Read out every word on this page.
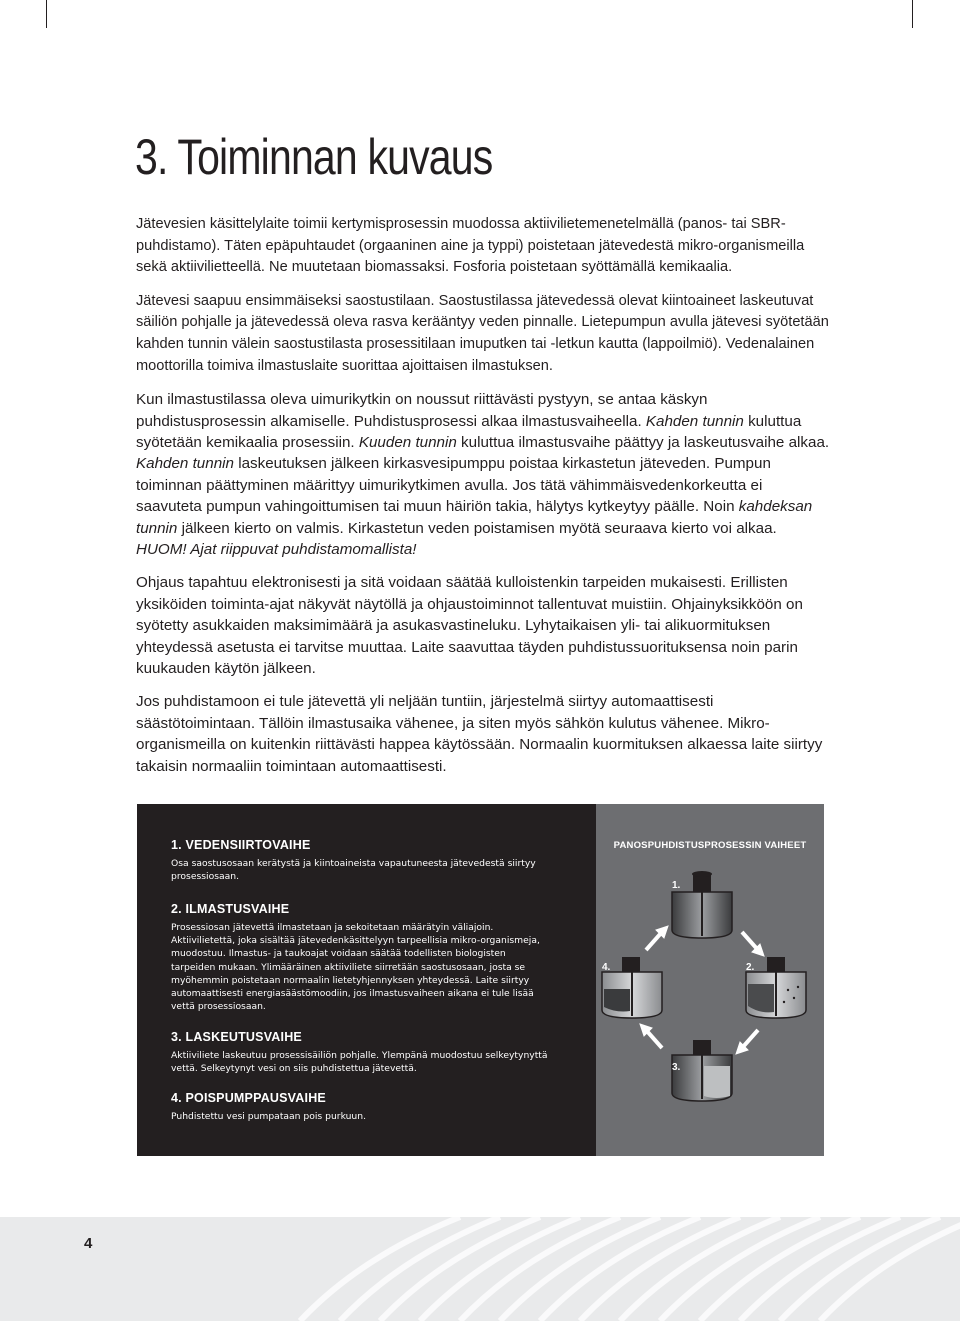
3. Toiminnan kuvaus

Jätevesien käsittelylaite toimii kertymisprosessin muodossa aktiivilietemenetelmällä (panos- tai SBR-puhdistamo). Täten epäpuhtaudet (orgaaninen aine ja typpi) poistetaan jätevedestä mikro-organismeilla sekä aktiivilietteellä. Ne muutetaan biomassaksi. Fosforia poistetaan syöttämällä kemikaalia.

Jätevesi saapuu ensimmäiseksi saostustilaan. Saostustilassa jätevedessä olevat kiintoaineet laskeutuvat säiliön pohjalle ja jätevedessä oleva rasva kerääntyy veden pinnalle. Lietepumpun avulla jätevesi syötetään kahden tunnin välein saostustilasta prosessitilaan imuputken tai -letkun kautta (lappoilmiö). Vedenalainen moottorilla toimiva ilmastuslaite suorittaa ajoittaisen ilmastuksen.

Kun ilmastustilassa oleva uimurikytkin on noussut riittävästi pystyyn, se antaa käskyn puhdistusprosessin alkamiselle. Puhdistusprosessi alkaa ilmastusvaiheella. Kahden tunnin kuluttua syötetään kemikaalia prosessiin. Kuuden tunnin kuluttua ilmastusvaihe päättyy ja laskeutusvaihe alkaa. Kahden tunnin laskeutuksen jälkeen kirkasvesipumppu poistaa kirkastetun jäteveden. Pumpun toiminnan päättyminen määrittyy uimurikytkimen avulla. Jos tätä vähimmäisvedenkorkeutta ei saavuteta pumpun vahingoittumisen tai muun häiriön takia, hälytys kytkeytyy päälle. Noin kahdeksan tunnin jälkeen kierto on valmis. Kirkastetun veden poistamisen myötä seuraava kierto voi alkaa. HUOM! Ajat riippuvat puhdistamomallista!

Ohjaus tapahtuu elektronisesti ja sitä voidaan säätää kulloistenkin tarpeiden mukaisesti. Erillisten yksiköiden toiminta-ajat näkyvät näytöllä ja ohjaustoiminnot tallentuvat muistiin. Ohjainyksikköön on syötetty asukkaiden maksimimäärä ja asukasvastineluku. Lyhytaikaisen yli- tai alikuormituksen yhteydessä asetusta ei tarvitse muuttaa. Laite saavuttaa täyden puhdistussuorituksensa noin parin kuukauden käytön jälkeen.

Jos puhdistamoon ei tule jätevettä yli neljään tuntiin, järjestelmä siirtyy automaattisesti säästötoimintaan. Tällöin ilmastusaika vähenee, ja siten myös sähkön kulutus vähenee. Mikro-organismeilla on kuitenkin riittävästi happea käytössään. Normaalin kuormituksen alkaessa laite siirtyy takaisin normaaliin toimintaan automaattisesti.

1. VEDENSIIRTOVAIHE

Osa saostusosaan kerätystä ja kiintoaineista vapautuneesta jätevedestä siirtyy prosessiosaan.

2. ILMASTUSVAIHE

Prosessiosan jätevettä ilmastetaan ja sekoitetaan määrätyin väliajoin. Aktiivilietettä, joka sisältää jätevedenkäsittelyyn tarpeellisia mikro-organismeja, muodostuu. Ilmastus- ja taukoajat voidaan säätää todellisten biologisten tarpeiden mukaan. Ylimääräinen aktiiviliete siirretään saostusosaan, josta se myöhemmin poistetaan normaalin lietetyhjennyksen yhteydessä. Laite siirtyy automaattisesti energiasäästömoodiin, jos ilmastusvaiheen aikana ei tule lisää vettä prosessiosaan.

3. LASKEUTUSVAIHE

Aktiiviliete laskeutuu prosessisäiliön pohjalle. Ylempänä muodostuu selkeytynyttä vettä. Selkeytynyt vesi on siis puhdistettua jätevettä.

4. POISPUMPPAUSVAIHE

Puhdistettu vesi pumpataan pois purkuun.

PANOSPUHDISTUSPROSESSIN VAIHEET
1.
2.
3.
4.
4
